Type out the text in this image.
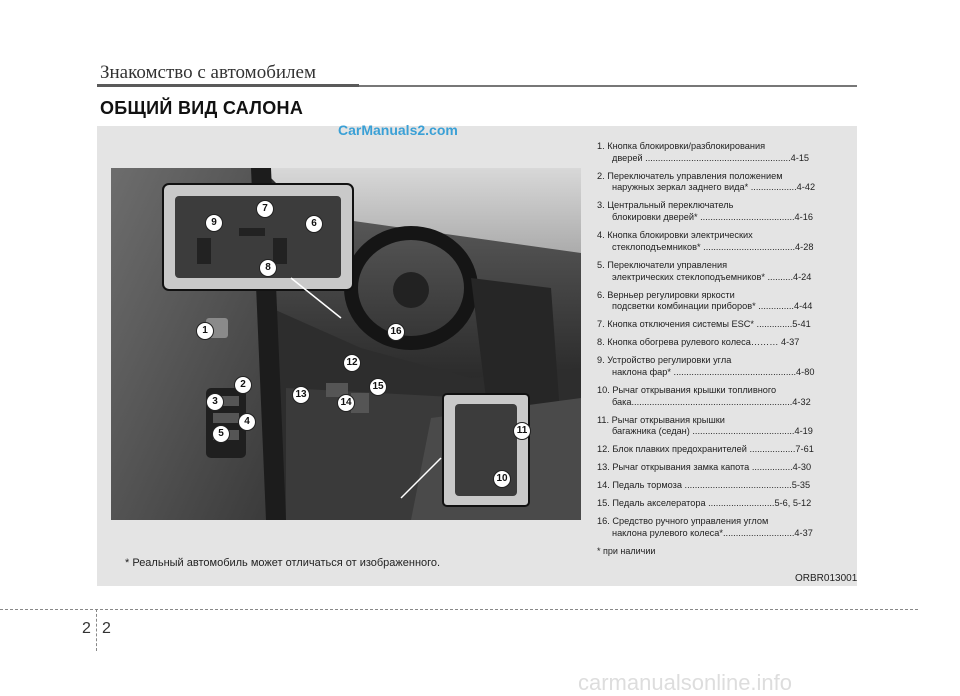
Знакомство с автомобилем
ОБЩИЙ ВИД САЛОНА
CarManuals2.com
1
2
3
4
5
6
7
8
9
10
11
12
13
14
15
16
1. Кнопка блокировки/разблокирования
дверей .........................................................4-15
2. Переключатель управления положением
наружных зеркал заднего вида* ..................4-42
3. Центральный переключатель
блокировки дверей* .....................................4-16
4. Кнопка блокировки электрических
стеклоподъемников* ....................................4-28
5. Переключатели управления
электрических стеклоподъемников* ..........4-24
6. Верньер регулировки яркости
подсветки комбинации приборов* ..............4-44
7. Кнопка отключения системы ESC* ..............5-41
8. Кнопка обогрева рулевого колеса……… 4-37
9. Устройство регулировки угла
наклона фар* ................................................4-80
10. Рычаг открывания крышки топливного
бака...............................................................4-32
11. Рычаг открывания крышки
багажника (седан) ........................................4-19
12. Блок плавких предохранителей ..................7-61
13. Рычаг открывания замка капота ................4-30
14. Педаль тормоза ..........................................5-35
15. Педаль акселератора ..........................5-6, 5-12
16. Средство ручного управления углом
наклона рулевого колеса*............................4-37
* при наличии
* Реальный автомобиль может отличаться от изображенного.
ORBR013001
2 2
carmanualsonline.info
